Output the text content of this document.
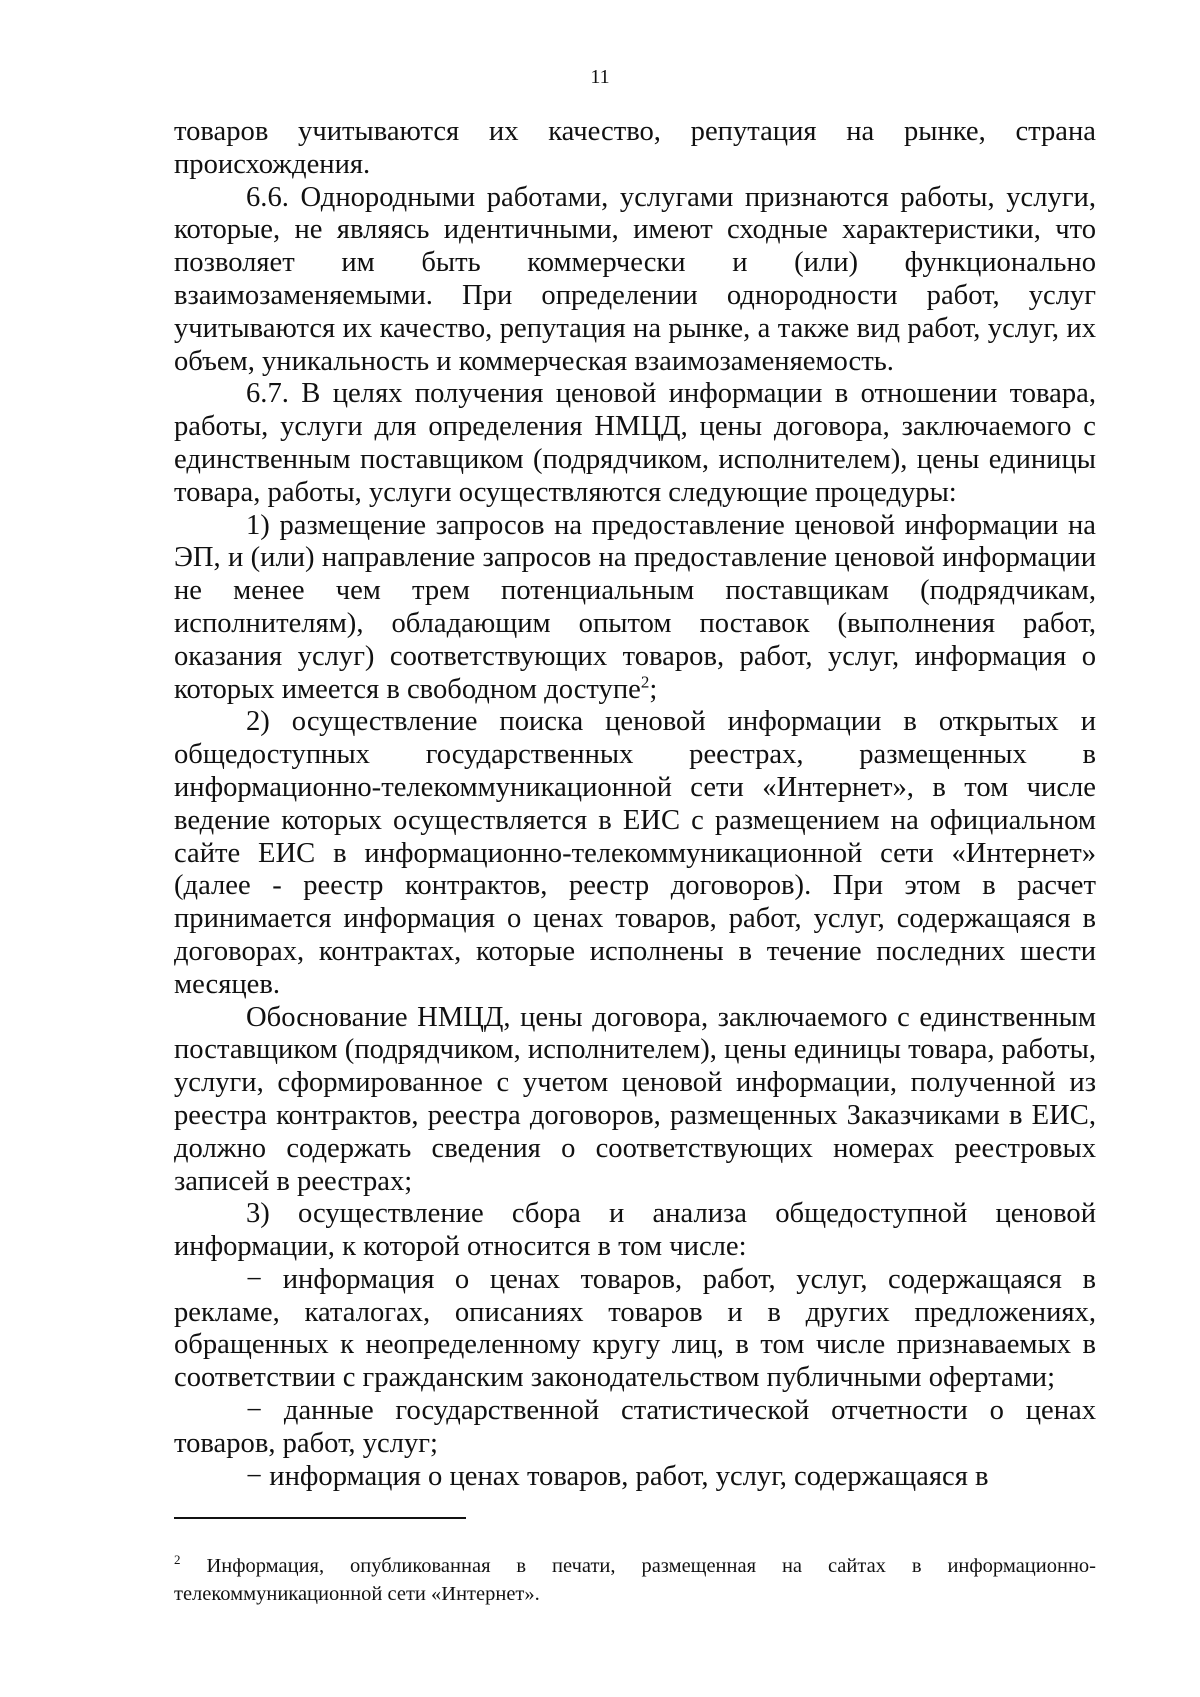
11

товаров учитываются их качество, репутация на рынке, страна происхождения.

6.6. Однородными работами, услугами признаются работы, услуги, которые, не являясь идентичными, имеют сходные характеристики, что позволяет им быть коммерчески и (или) функционально взаимозаменяемыми. При определении однородности работ, услуг учитываются их качество, репутация на рынке, а также вид работ, услуг, их объем, уникальность и коммерческая взаимозаменяемость.

6.7. В целях получения ценовой информации в отношении товара, работы, услуги для определения НМЦД, цены договора, заключаемого с единственным поставщиком (подрядчиком, исполнителем), цены единицы товара, работы, услуги осуществляются следующие процедуры:

1) размещение запросов на предоставление ценовой информации на ЭП, и (или) направление запросов на предоставление ценовой информации не менее чем трем потенциальным поставщикам (подрядчикам, исполнителям), обладающим опытом поставок (выполнения работ, оказания услуг) соответствующих товаров, работ, услуг, информация о которых имеется в свободном доступе$^2$;

2) осуществление поиска ценовой информации в открытых и общедоступных государственных реестрах, размещенных в информационно-телекоммуникационной сети «Интернет», в том числе ведение которых осуществляется в ЕИС с размещением на официальном сайте ЕИС в информационно-телекоммуникационной сети «Интернет» (далее - реестр контрактов, реестр договоров). При этом в расчет принимается информация о ценах товаров, работ, услуг, содержащаяся в договорах, контрактах, которые исполнены в течение последних шести месяцев.

Обоснование НМЦД, цены договора, заключаемого с единственным поставщиком (подрядчиком, исполнителем), цены единицы товара, работы, услуги, сформированное с учетом ценовой информации, полученной из реестра контрактов, реестра договоров, размещенных Заказчиками в ЕИС, должно содержать сведения о соответствующих номерах реестровых записей в реестрах;

3) осуществление сбора и анализа общедоступной ценовой информации, к которой относится в том числе:

− информация о ценах товаров, работ, услуг, содержащаяся в рекламе, каталогах, описаниях товаров и в других предложениях, обращенных к неопределенному кругу лиц, в том числе признаваемых в соответствии с гражданским законодательством публичными офертами;

− данные государственной статистической отчетности о ценах товаров, работ, услуг;

− информация о ценах товаров, работ, услуг, содержащаяся в

$^2$ Информация, опубликованная в печати, размещенная на сайтах в информационно-телекоммуникационной сети «Интернет».
